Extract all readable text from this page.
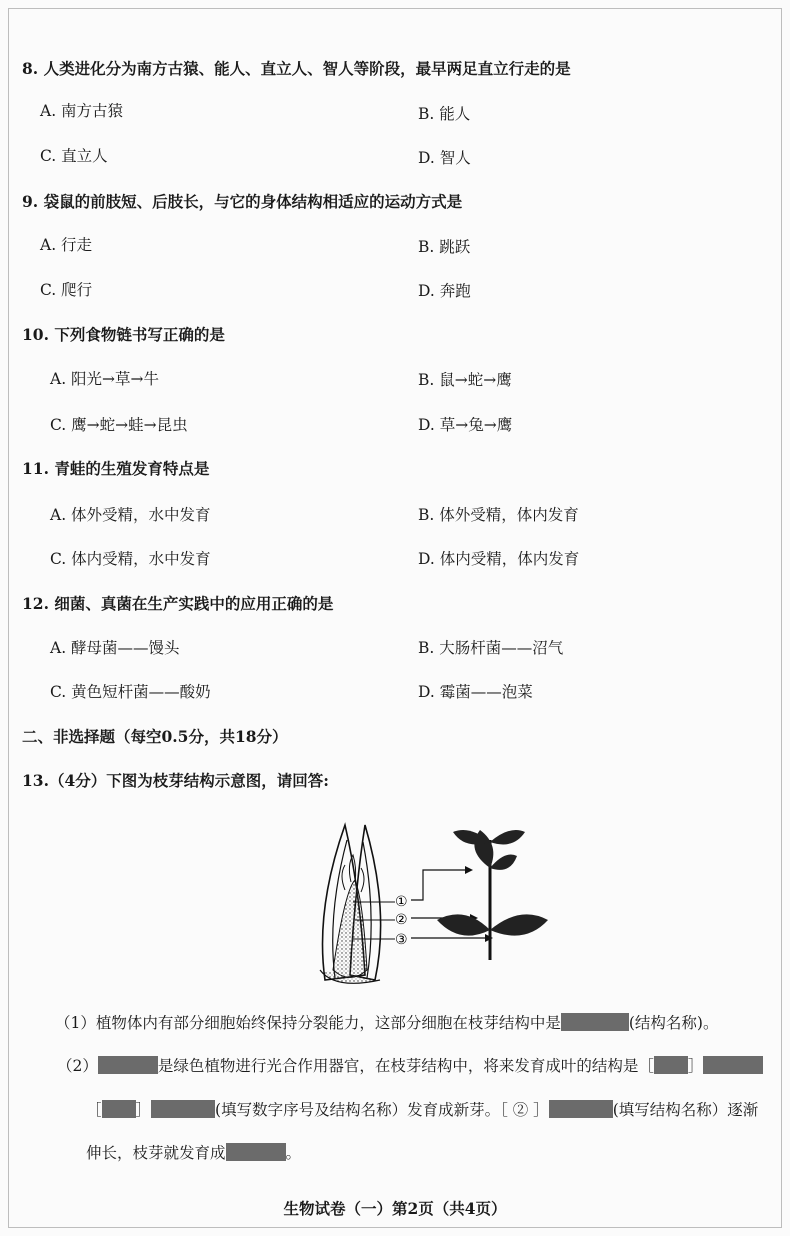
8. 人类进化分为南方古猿、能人、直立人、智人等阶段，最早两足直立行走的是
A. 南方古猿	B. 能人
C. 直立人	D. 智人
9. 袋鼠的前肢短、后肢长，与它的身体结构相适应的运动方式是
A. 行走	B. 跳跃
C. 爬行	D. 奔跑
10. 下列食物链书写正确的是
A. 阳光→草→牛	B. 鼠→蛇→鹰
C. 鹰→蛇→蛙→昆虫	D. 草→兔→鹰
11. 青蛙的生殖发育特点是
A. 体外受精，水中发育	B. 体外受精，体内发育
C. 体内受精，水中发育	D. 体内受精，体内发育
12. 细菌、真菌在生产实践中的应用正确的是
A. 酵母菌——馒头	B. 大肠杆菌——沼气
C. 黄色短杆菌——酸奶	D. 霉菌——泡菜
二、非选择题（每空0.5分，共18分）
13.（4分）下图为枝芽结构示意图，请回答:
①
②
③
（1）植物体内有部分细胞始终保持分裂能力，这部分细胞在枝芽结构中是	(结构名称)。
（2）	是绿色植物进行光合作用器官，在枝芽结构中，将来发育成叶的结构是［ ］
［ ］	(填写数字序号及结构名称）发育成新芽。［ ② ］	(填写结构名称）逐渐
伸长，枝芽就发育成	。
生物试卷（一）第2页（共4页）
